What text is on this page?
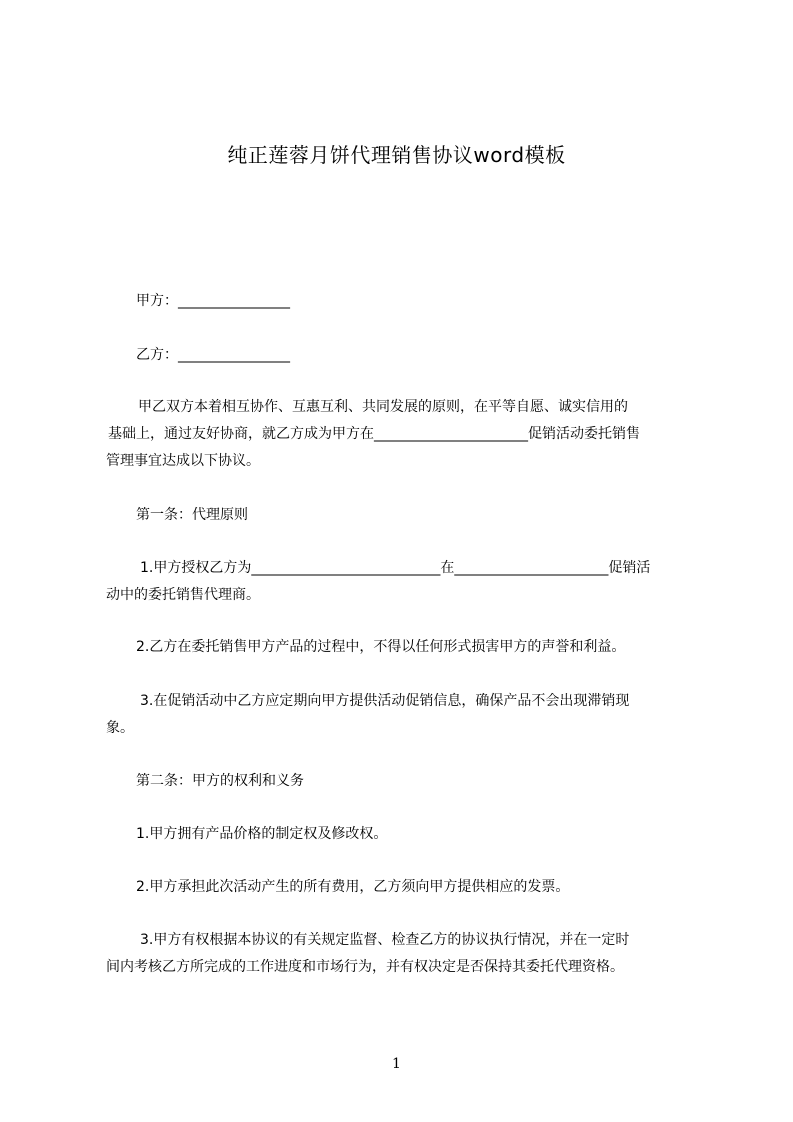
纯正莲蓉月饼代理销售协议word模板
甲方：________________
乙方：________________
甲乙双方本着相互协作、互惠互利、共同发展的原则，在平等自愿、诚实信用的
基础上，通过友好协商，就乙方成为甲方在______________________促销活动委托销售
管理事宜达成以下协议。
第一条：代理原则
1.甲方授权乙方为___________________________在______________________促销活
动中的委托销售代理商。
2.乙方在委托销售甲方产品的过程中，不得以任何形式损害甲方的声誉和利益。
3.在促销活动中乙方应定期向甲方提供活动促销信息，确保产品不会出现滞销现
象。
第二条：甲方的权利和义务
1.甲方拥有产品价格的制定权及修改权。
2.甲方承担此次活动产生的所有费用，乙方须向甲方提供相应的发票。
3.甲方有权根据本协议的有关规定监督、检查乙方的协议执行情况，并在一定时
间内考核乙方所完成的工作进度和市场行为，并有权决定是否保持其委托代理资格。
1
